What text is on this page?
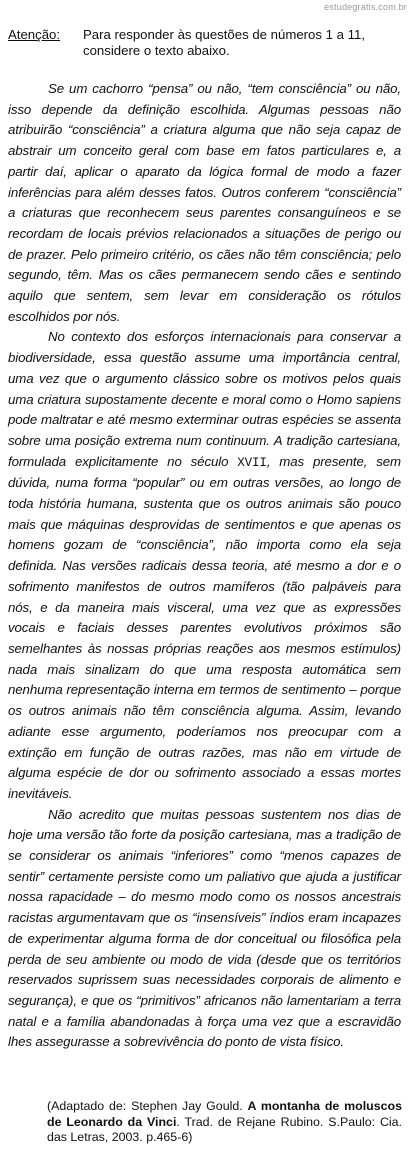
estudegratis.com.br
Atenção: Para responder às questões de números 1 a 11, considere o texto abaixo.

Se um cachorro “pensa” ou não, “tem consciência” ou não, isso depende da definição escolhida. Algumas pessoas não atribuirão “consciência” a criatura alguma que não seja capaz de abstrair um conceito geral com base em fatos particulares e, a partir daí, aplicar o aparato da lógica formal de modo a fazer inferências para além desses fatos. Outros conferem “consciência” a criaturas que reconhecem seus parentes consanguíneos e se recordam de locais prévios relacionados a situações de perigo ou de prazer. Pelo primeiro critério, os cães não têm consciência; pelo segundo, têm. Mas os cães permanecem sendo cães e sentindo aquilo que sentem, sem levar em consideração os rótulos escolhidos por nós.

No contexto dos esforços internacionais para conservar a biodiversidade, essa questão assume uma importância central, uma vez que o argumento clássico sobre os motivos pelos quais uma criatura supostamente decente e moral como o Homo sapiens pode maltratar e até mesmo exterminar outras espécies se assenta sobre uma posição extrema num continuum. A tradição cartesiana, formulada explicitamente no século XVII, mas presente, sem dúvida, numa forma “popular” ou em outras versões, ao longo de toda história humana, sustenta que os outros animais são pouco mais que máquinas desprovidas de sentimentos e que apenas os homens gozam de “consciência”, não importa como ela seja definida. Nas versões radicais dessa teoria, até mesmo a dor e o sofrimento manifestos de outros mamíferos (tão palpáveis para nós, e da maneira mais visceral, uma vez que as expressões vocais e faciais desses parentes evolutivos próximos são semelhantes às nossas próprias reações aos mesmos estímulos) nada mais sinalizam do que uma resposta automática sem nenhuma representação interna em termos de sentimento – porque os outros animais não têm consciência alguma. Assim, levando adiante esse argumento, poderíamos nos preocupar com a extinção em função de outras razões, mas não em virtude de alguma espécie de dor ou sofrimento associado a essas mortes inevitáveis.

Não acredito que muitas pessoas sustentem nos dias de hoje uma versão tão forte da posição cartesiana, mas a tradição de se considerar os animais “inferiores” como “menos capazes de sentir” certamente persiste como um paliativo que ajuda a justificar nossa rapacidade – do mesmo modo como os nossos ancestrais racistas argumentavam que os “insensíveis” índios eram incapazes de experimentar alguma forma de dor conceitual ou filosófica pela perda de seu ambiente ou modo de vida (desde que os territórios reservados suprissem suas necessidades corporais de alimento e segurança), e que os “primitivos” africanos não lamentariam a terra natal e a família abandonadas à força uma vez que a escravidão lhes assegurasse a sobrevivência do ponto de vista físico.

(Adaptado de: Stephen Jay Gould. A montanha de moluscos de Leonardo da Vinci. Trad. de Rejane Rubino. S.Paulo: Cia. das Letras, 2003. p.465-6)
